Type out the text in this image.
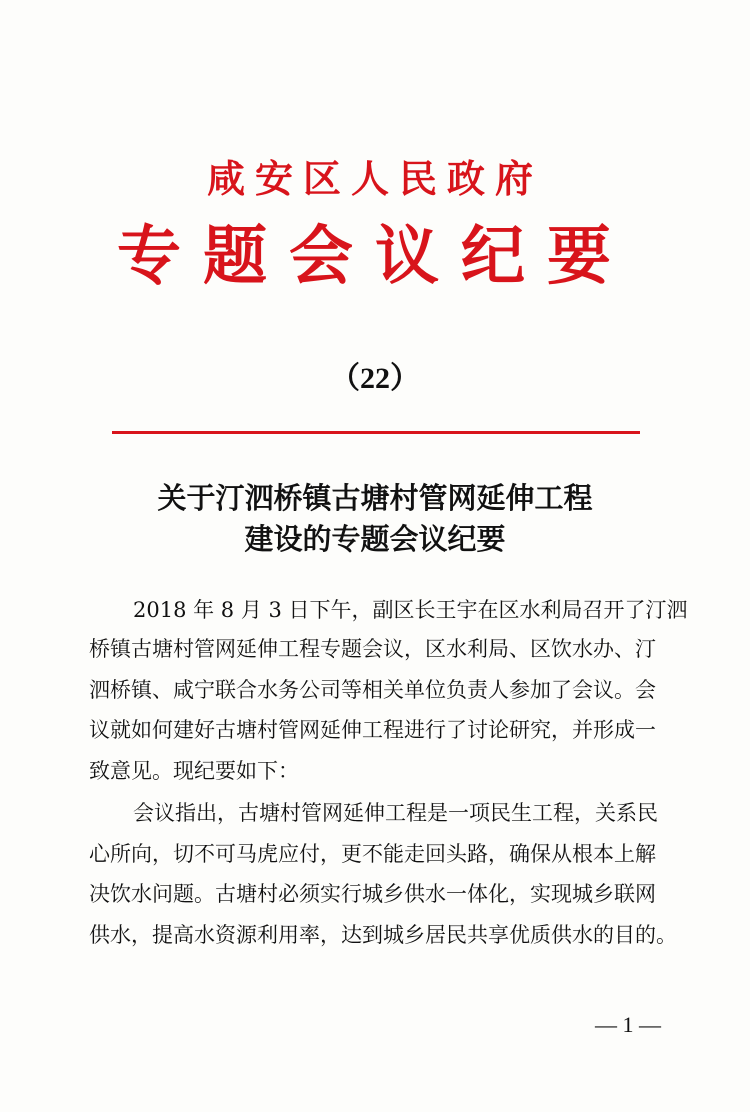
咸安区人民政府
专题会议纪要
（22）
关于汀泗桥镇古塘村管网延伸工程
建设的专题会议纪要
2018 年 8 月 3 日下午，副区长王宇在区水利局召开了汀泗
桥镇古塘村管网延伸工程专题会议，区水利局、区饮水办、汀
泗桥镇、咸宁联合水务公司等相关单位负责人参加了会议。会
议就如何建好古塘村管网延伸工程进行了讨论研究，并形成一
致意见。现纪要如下：
会议指出，古塘村管网延伸工程是一项民生工程，关系民
心所向，切不可马虎应付，更不能走回头路，确保从根本上解
决饮水问题。古塘村必须实行城乡供水一体化，实现城乡联网
供水，提高水资源利用率，达到城乡居民共享优质供水的目的。
— 1 —
